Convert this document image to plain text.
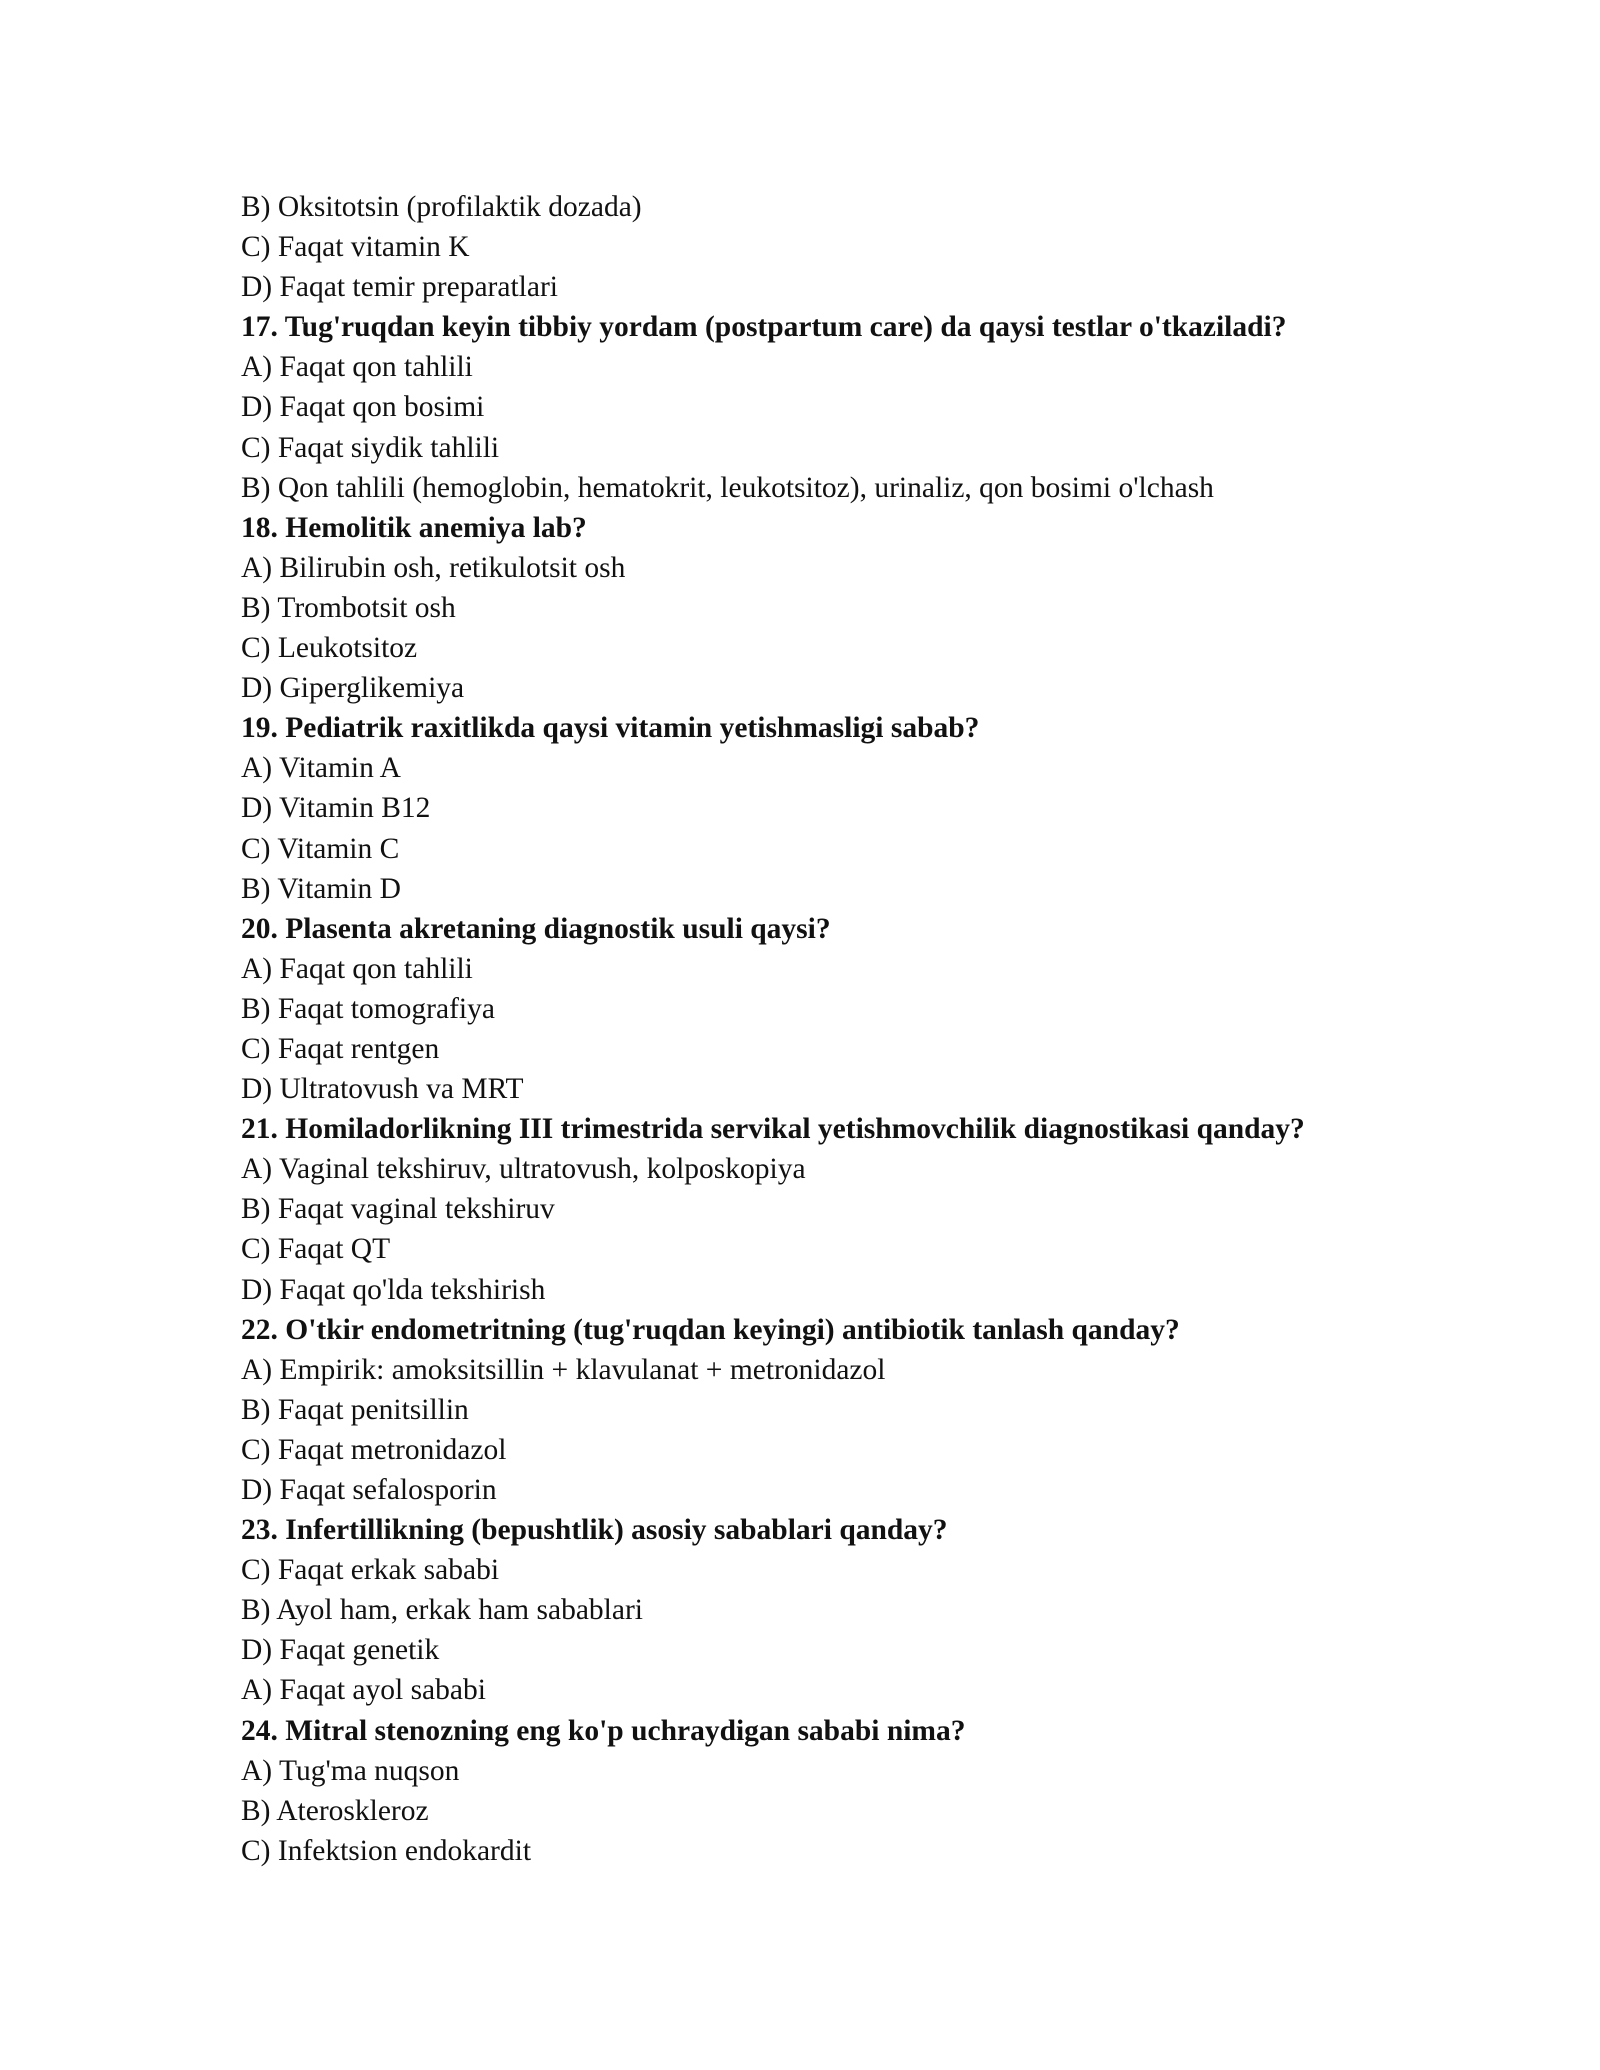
B) Oksitotsin (profilaktik dozada)
C) Faqat vitamin K
D) Faqat temir preparatlari
17. Tug'ruqdan keyin tibbiy yordam (postpartum care) da qaysi testlar o'tkaziladi?
A) Faqat qon tahlili
D) Faqat qon bosimi
C) Faqat siydik tahlili
B) Qon tahlili (hemoglobin, hematokrit, leukotsitoz), urinaliz, qon bosimi o'lchash
18. Hemolitik anemiya lab?
A) Bilirubin osh, retikulotsit osh
B) Trombotsit osh
C) Leukotsitoz
D) Giperglikemiya
19. Pediatrik raxitlikda qaysi vitamin yetishmasligi sabab?
A) Vitamin A
D) Vitamin B12
C) Vitamin C
B) Vitamin D
20. Plasenta akretaning diagnostik usuli qaysi?
A) Faqat qon tahlili
B) Faqat tomografiya
C) Faqat rentgen
D) Ultratovush va MRT
21. Homiladorlikning III trimestrida servikal yetishmovchilik diagnostikasi qanday?
A) Vaginal tekshiruv, ultratovush, kolposkopiya
B) Faqat vaginal tekshiruv
C) Faqat QT
D) Faqat qo'lda tekshirish
22. O'tkir endometritning (tug'ruqdan keyingi) antibiotik tanlash qanday?
A) Empirik: amoksitsillin + klavulanat + metronidazol
B) Faqat penitsillin
C) Faqat metronidazol
D) Faqat sefalosporin
23. Infertillikning (bepushtlik) asosiy sabablari qanday?
C) Faqat erkak sababi
B) Ayol ham, erkak ham sabablari
D) Faqat genetik
A) Faqat ayol sababi
24. Mitral stenozning eng ko'p uchraydigan sababi nima?
A) Tug'ma nuqson
B) Ateroskleroz
C) Infektsion endokardit
